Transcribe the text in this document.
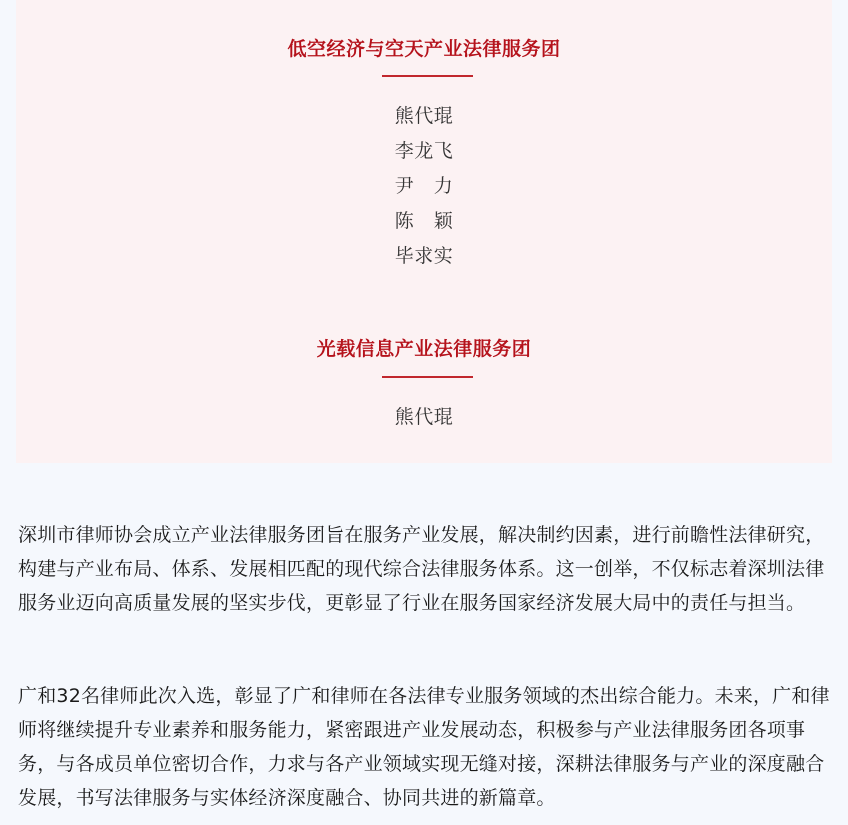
低空经济与空天产业法律服务团
熊代琨
李龙飞
尹　力
陈　颖
毕求实
光载信息产业法律服务团
熊代琨

深圳市律师协会成立产业法律服务团旨在服务产业发展，解决制约因素，进行前瞻性法律研究，构建与产业布局、体系、发展相匹配的现代综合法律服务体系。这一创举，不仅标志着深圳法律服务业迈向高质量发展的坚实步伐，更彰显了行业在服务国家经济发展大局中的责任与担当。

广和32名律师此次入选，彰显了广和律师在各法律专业服务领域的杰出综合能力。未来，广和律师将继续提升专业素养和服务能力，紧密跟进产业发展动态，积极参与产业法律服务团各项事务，与各成员单位密切合作，力求与各产业领域实现无缝对接，深耕法律服务与产业的深度融合发展，书写法律服务与实体经济深度融合、协同共进的新篇章。
